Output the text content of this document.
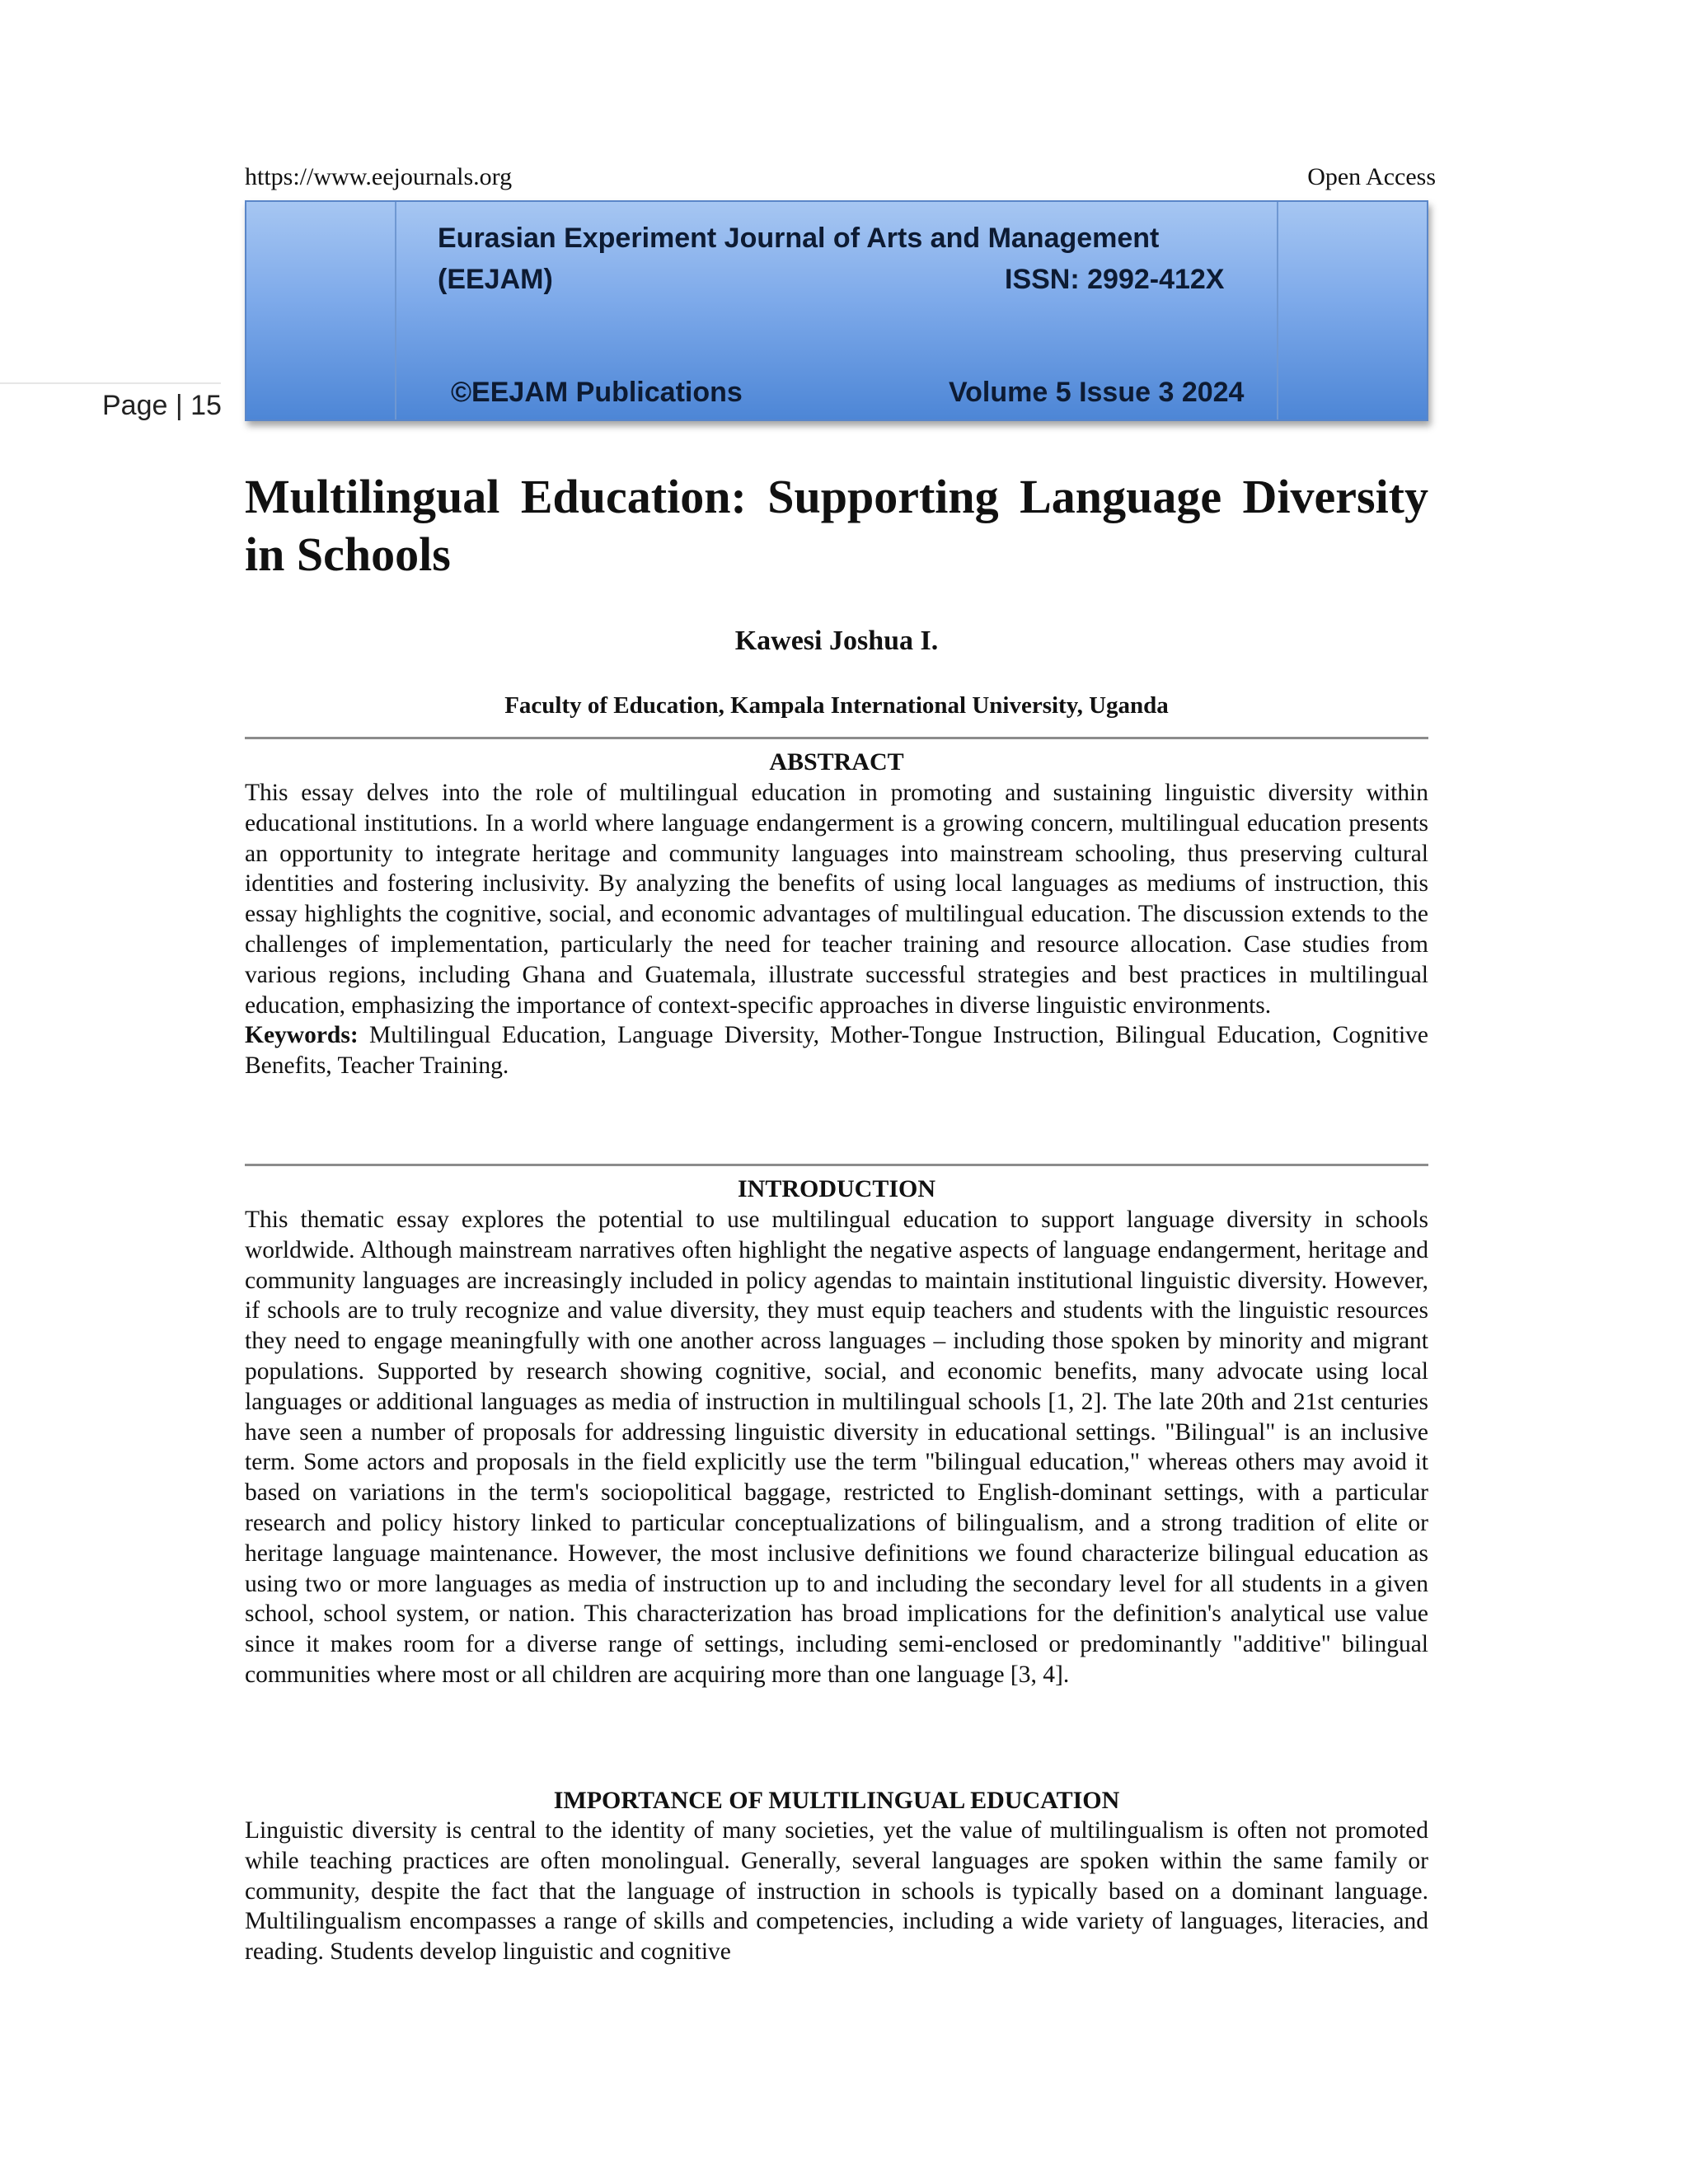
https://www.eejournals.org	Open Access
Page | 15
Eurasian Experiment Journal of Arts and Management
(EEJAM)	ISSN: 2992-412X
©EEJAM Publications	Volume 5 Issue 3 2024
Multilingual Education: Supporting Language Diversity in Schools
Kawesi Joshua I.
Faculty of Education, Kampala International University, Uganda
ABSTRACT
This essay delves into the role of multilingual education in promoting and sustaining linguistic diversity within educational institutions. In a world where language endangerment is a growing concern, multilingual education presents an opportunity to integrate heritage and community languages into mainstream schooling, thus preserving cultural identities and fostering inclusivity. By analyzing the benefits of using local languages as mediums of instruction, this essay highlights the cognitive, social, and economic advantages of multilingual education. The discussion extends to the challenges of implementation, particularly the need for teacher training and resource allocation. Case studies from various regions, including Ghana and Guatemala, illustrate successful strategies and best practices in multilingual education, emphasizing the importance of context-specific approaches in diverse linguistic environments.
Keywords: Multilingual Education, Language Diversity, Mother-Tongue Instruction, Bilingual Education, Cognitive Benefits, Teacher Training.
INTRODUCTION
This thematic essay explores the potential to use multilingual education to support language diversity in schools worldwide. Although mainstream narratives often highlight the negative aspects of language endangerment, heritage and community languages are increasingly included in policy agendas to maintain institutional linguistic diversity. However, if schools are to truly recognize and value diversity, they must equip teachers and students with the linguistic resources they need to engage meaningfully with one another across languages – including those spoken by minority and migrant populations. Supported by research showing cognitive, social, and economic benefits, many advocate using local languages or additional languages as media of instruction in multilingual schools [1, 2]. The late 20th and 21st centuries have seen a number of proposals for addressing linguistic diversity in educational settings. "Bilingual" is an inclusive term. Some actors and proposals in the field explicitly use the term "bilingual education," whereas others may avoid it based on variations in the term's sociopolitical baggage, restricted to English-dominant settings, with a particular research and policy history linked to particular conceptualizations of bilingualism, and a strong tradition of elite or heritage language maintenance. However, the most inclusive definitions we found characterize bilingual education as using two or more languages as media of instruction up to and including the secondary level for all students in a given school, school system, or nation. This characterization has broad implications for the definition's analytical use value since it makes room for a diverse range of settings, including semi-enclosed or predominantly "additive" bilingual communities where most or all children are acquiring more than one language [3, 4].
IMPORTANCE OF MULTILINGUAL EDUCATION
Linguistic diversity is central to the identity of many societies, yet the value of multilingualism is often not promoted while teaching practices are often monolingual. Generally, several languages are spoken within the same family or community, despite the fact that the language of instruction in schools is typically based on a dominant language. Multilingualism encompasses a range of skills and competencies, including a wide variety of languages, literacies, and reading. Students develop linguistic and cognitive
